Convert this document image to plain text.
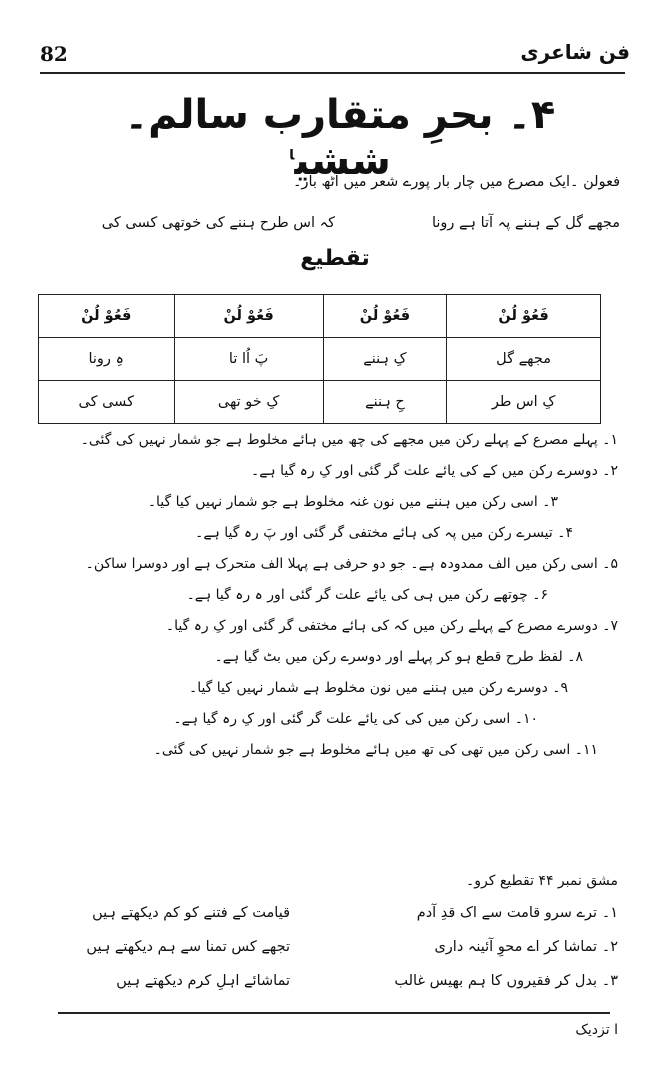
82	فن شاعری
۴۔ بحرِ متقارب سالم۔ششی$^ا$
فعولن ۔ایک مصرع میں چار بار پورے شعر میں آٹھ بار۔
مجھے گل کے ہننے پہ آتا ہے رونا
کہ اس طرح ہننے کی خوتھی کسی کی
تقطیع
فَعُوْ لُنْ	فَعُوْ لُنْ	فَعُوْ لُنْ	فَعُوْ لُنْ
مجھے گل	کِ ہننے	پَ اُا تا	ہِ رونا
کِ اس طر	حِ ہننے	کِ خو تھی	کسی کی
۱۔ پہلے مصرع کے پہلے رکن میں مجھے کی چھ میں ہائے مخلوط ہے جو شمار نہیں کی گئی۔
۲۔ دوسرے رکن میں کے کی یائے علت گر گئی اور کِ رہ گیا ہے۔
۳۔ اسی رکن میں ہننے میں نون غنہ مخلوط ہے جو شمار نہیں کیا گیا۔
۴۔ تیسرے رکن میں پہ کی ہائے مختفی گر گئی اور پَ رہ گیا ہے۔
۵۔ اسی رکن میں الف ممدودہ ہے۔ جو دو حرفی ہے پہلا الف متحرک ہے اور دوسرا ساکن۔
۶۔ چوتھے رکن میں ہی کی یائے علت گر گئی اور ہ رہ گیا ہے۔
۷۔ دوسرے مصرع کے پہلے رکن میں کہ کی ہائے مختفی گر گئی اور کِ رہ گیا۔
۸۔ لفظ طرح قطع ہو کر پہلے اور دوسرے رکن میں بٹ گیا ہے۔
۹۔ دوسرے رکن میں ہننے میں نون مخلوط ہے شمار نہیں کیا گیا۔
۱۰۔ اسی رکن میں کی کی یائے علت گر گئی اور کِ رہ گیا ہے۔
۱۱۔ اسی رکن میں تھی کی تھ میں ہائے مخلوط ہے جو شمار نہیں کی گئی۔
مشق نمبر ۴۴ تقطیع کرو۔
۱۔ ترے سرو قامت سے اک قدِ آدم
قیامت کے فتنے کو کم دیکھتے ہیں
۲۔ تماشا کر اے محوِ آئینہ داری
تجھے کس تمنا سے ہم دیکھتے ہیں
۳۔ بدل کر فقیروں کا ہم بھیس غالب
تماشائے اہلِ کرم دیکھتے ہیں
ا تزدیک
